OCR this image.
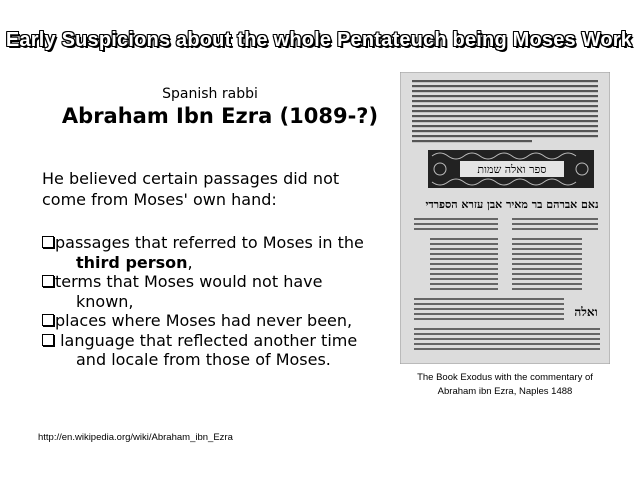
Early Suspicions about the whole Pentateuch being Moses Work
Spanish rabbi
Abraham Ibn Ezra (1089-?)
He believed certain passages did not come from Moses' own hand:
passages that referred to Moses in the third person,
terms that Moses would not have known,
places where Moses had never been,
language that reflected another time and locale from those of Moses.
ספר ואלה שמות
נאם אברהם בר מאיר אבן עזרא הספרדי
ואלה
The Book Exodus with the commentary of
Abraham ibn Ezra, Naples 1488
http://en.wikipedia.org/wiki/Abraham_ibn_Ezra
